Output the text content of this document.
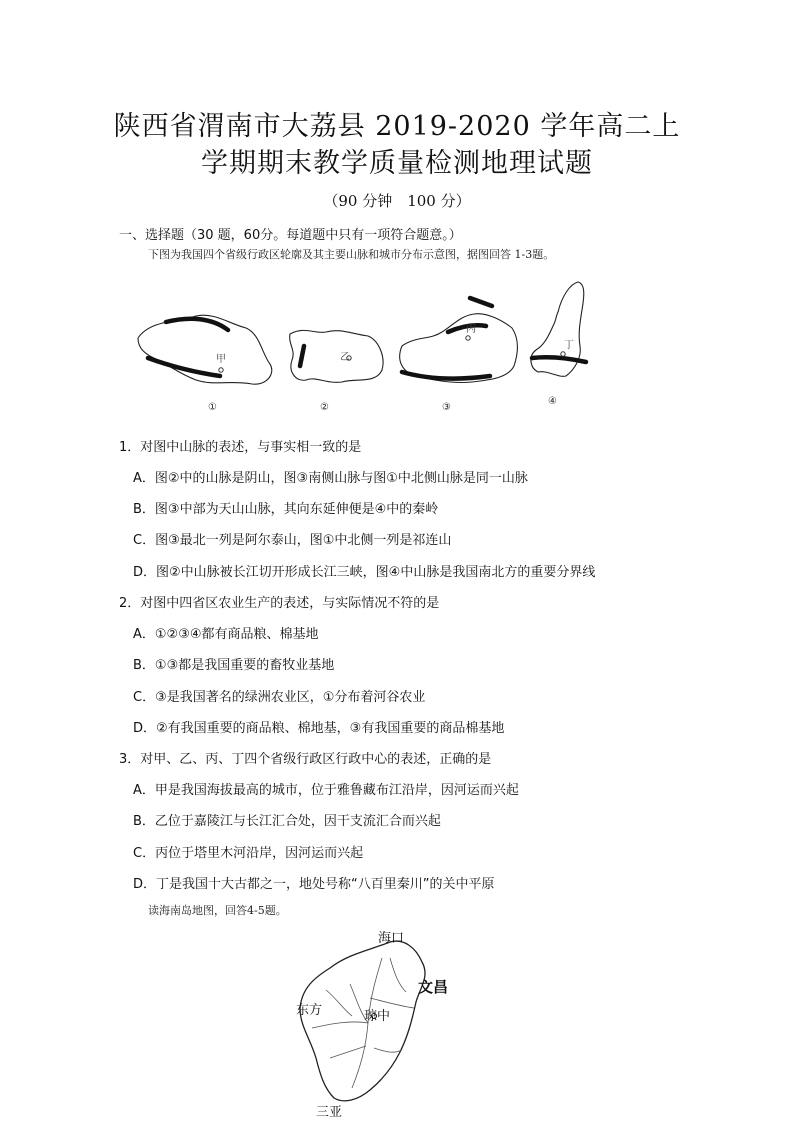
陕西省渭南市大荔县 2019-2020 学年高二上
学期期末教学质量检测地理试题
（90 分钟　100 分）
一、选择题（30 题，60分。每道题中只有一项符合题意。）
下图为我国四个省级行政区轮廓及其主要山脉和城市分布示意图，据图回答 1-3题。
甲	乙
丙
丁
①	②	③
④
1．对图中山脉的表述，与事实相一致的是
A．图②中的山脉是阴山，图③南侧山脉与图①中北侧山脉是同一山脉
B．图③中部为天山山脉，其向东延伸便是④中的秦岭
C．图③最北一列是阿尔泰山，图①中北侧一列是祁连山
D．图②中山脉被长江切开形成长江三峡，图④中山脉是我国南北方的重要分界线
2．对图中四省区农业生产的表述，与实际情况不符的是
A．①②③④都有商品粮、棉基地
B．①③都是我国重要的畜牧业基地
C．③是我国著名的绿洲农业区，①分布着河谷农业
D．②有我国重要的商品粮、棉地基，③有我国重要的商品棉基地
3．对甲、乙、丙、丁四个省级行政区行政中心的表述，正确的是
A．甲是我国海拔最高的城市，位于雅鲁藏布江沿岸，因河运而兴起
B．乙位于嘉陵江与长江汇合处，因干支流汇合而兴起
C．丙位于塔里木河沿岸，因河运而兴起
D．丁是我国十大古都之一，地处号称“八百里秦川”的关中平原
读海南岛地图，回答4-5题。
海口
文昌
东方	琼中
三亚
